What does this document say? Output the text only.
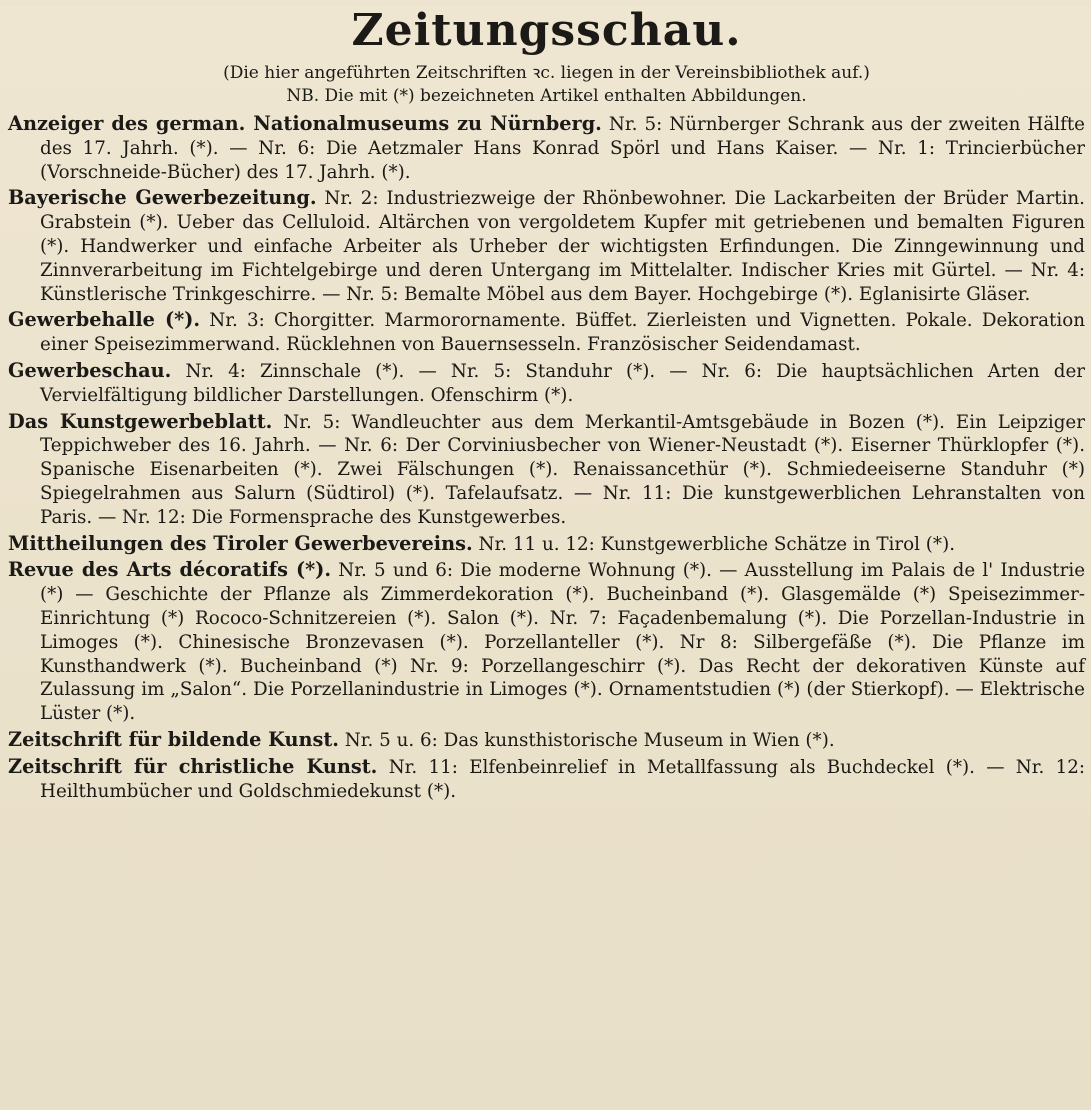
Zeitungsschau.
(Die hier angeführten Zeitschriften ꝛc. liegen in der Vereinsbibliothek auf.)
NB. Die mit (*) bezeichneten Artikel enthalten Abbildungen.

Anzeiger des german. Nationalmuseums zu Nürnberg. Nr. 5: Nürnberger Schrank aus der zweiten Hälfte des 17. Jahrh. (*). — Nr. 6: Die Aetzmaler Hans Konrad Spörl und Hans Kaiser. — Nr. 1: Trincierbücher (Vorschneide-Bücher) des 17. Jahrh. (*).

Bayerische Gewerbezeitung. Nr. 2: Industriezweige der Rhönbewohner. Die Lackarbeiten der Brüder Martin. Grabstein (*). Ueber das Celluloid. Altärchen von vergoldetem Kupfer mit getriebenen und bemalten Figuren (*). Handwerker und einfache Arbeiter als Urheber der wichtigsten Erfindungen. Die Zinngewinnung und Zinnverarbeitung im Fichtelgebirge und deren Untergang im Mittelalter. Indischer Kries mit Gürtel. — Nr. 4: Künstlerische Trinkgeschirre. — Nr. 5: Bemalte Möbel aus dem Bayer. Hochgebirge (*). Eglanisirte Gläser.

Gewerbehalle (*). Nr. 3: Chorgitter. Marmorornamente. Büffet. Zierleisten und Vignetten. Pokale. Dekoration einer Speisezimmerwand. Rücklehnen von Bauernsesseln. Französischer Seidendamast.

Gewerbeschau. Nr. 4: Zinnschale (*). — Nr. 5: Standuhr (*). — Nr. 6: Die hauptsächlichen Arten der Vervielfältigung bildlicher Darstellungen. Ofenschirm (*).

Das Kunstgewerbeblatt. Nr. 5: Wandleuchter aus dem Merkantil-Amtsgebäude in Bozen (*). Ein Leipziger Teppichweber des 16. Jahrh. — Nr. 6: Der Corviniusbecher von Wiener-Neustadt (*). Eiserner Thürklopfer (*). Spanische Eisenarbeiten (*). Zwei Fälschungen (*). Renaissancethür (*). Schmiedeeiserne Standuhr (*) Spiegelrahmen aus Salurn (Südtirol) (*). Tafelaufsatz. — Nr. 11: Die kunstgewerblichen Lehranstalten von Paris. — Nr. 12: Die Formensprache des Kunstgewerbes.

Mittheilungen des Tiroler Gewerbevereins. Nr. 11 u. 12: Kunstgewerbliche Schätze in Tirol (*).

Revue des Arts décoratifs (*). Nr. 5 und 6: Die moderne Wohnung (*). — Ausstellung im Palais de l' Industrie (*) — Geschichte der Pflanze als Zimmerdekoration (*). Bucheinband (*). Glasgemälde (*) Speisezimmer-Einrichtung (*) Rococo-Schnitzereien (*). Salon (*). Nr. 7: Façadenbemalung (*). Die Porzellan-Industrie in Limoges (*). Chinesische Bronzevasen (*). Porzellanteller (*). Nr 8: Silbergefäße (*). Die Pflanze im Kunsthandwerk (*). Bucheinband (*) Nr. 9: Porzellangeschirr (*). Das Recht der dekorativen Künste auf Zulassung im „Salon“. Die Porzellanindustrie in Limoges (*). Ornamentstudien (*) (der Stierkopf). — Elektrische Lüster (*).

Zeitschrift für bildende Kunst. Nr. 5 u. 6: Das kunsthistorische Museum in Wien (*).

Zeitschrift für christliche Kunst. Nr. 11: Elfenbeinrelief in Metallfassung als Buchdeckel (*). — Nr. 12: Heilthumbücher und Goldschmiedekunst (*).
